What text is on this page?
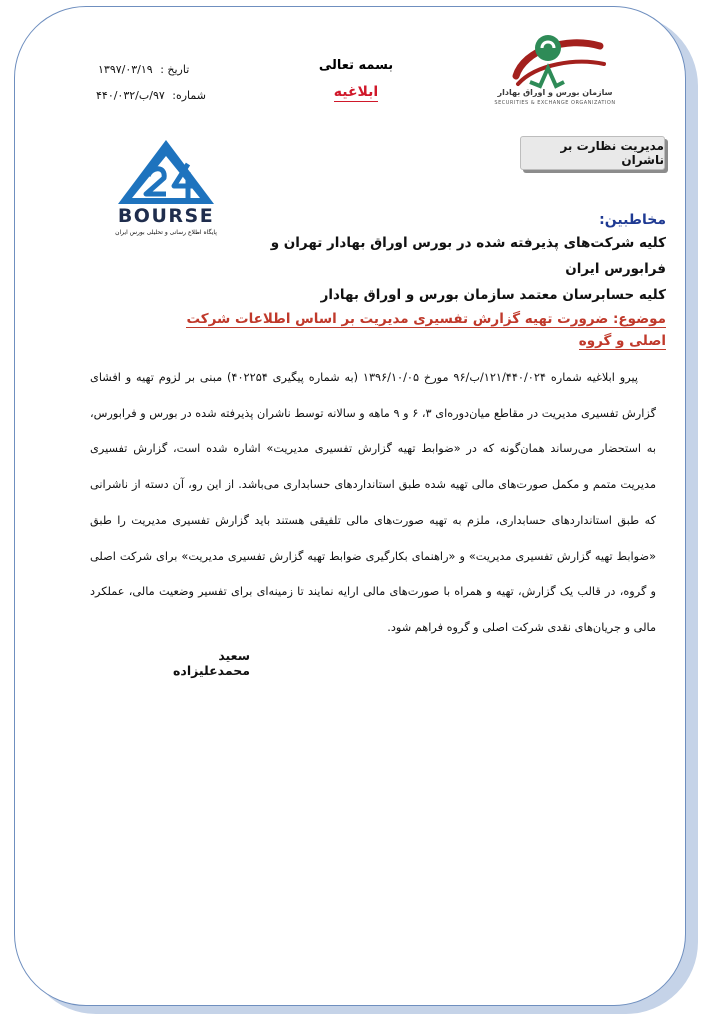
تاریخ : ۱۳۹۷/۰۳/۱۹
شماره: ۹۷/ب/۴۴۰/۰۳۲
بسمه تعالی
ابلاغیه	سازمان بورس و اوراق بهادار
SECURITIES & EXCHANGE ORGANIZATION
مدیریت نظارت بر ناشران
BOURSE
پایگاه اطلاع رسانی و تحلیلی بورس ایران
مخاطبین:
کلیه شرکت‌های پذیرفته شده در بورس اوراق بهادار تهران و فرابورس ایران
کلیه حسابرسان معتمد سازمان بورس و اوراق بهادار
موضوع: ضرورت تهیه گزارش تفسیری مدیریت بر اساس اطلاعات شرکت اصلی و گروه

پیرو ابلاغیه شماره ۱۲۱/۴۴۰/۰۲۴/ب/۹۶ مورخ ۱۳۹۶/۱۰/۰۵ (به شماره پیگیری ۴۰۲۲۵۴) مبنی بر لزوم تهیه و افشای گزارش تفسیری مدیریت در مقاطع میان‌دوره‌ای ۳، ۶ و ۹ ماهه و سالانه توسط ناشران پذیرفته شده در بورس و فرابورس، به استحضار می‌رساند همان‌گونه که در «ضوابط تهیه گزارش تفسیری مدیریت» اشاره شده است، گزارش تفسیری مدیریت متمم و مکمل صورت‌های مالی تهیه شده طبق استانداردهای حسابداری می‌باشد. از این رو، آن دسته از ناشرانی که طبق استانداردهای حسابداری، ملزم به تهیه صورت‌های مالی تلفیقی هستند باید گزارش تفسیری مدیریت را طبق «ضوابط تهیه گزارش تفسیری مدیریت» و «راهنمای بکارگیری ضوابط تهیه گزارش تفسیری مدیریت» برای شرکت اصلی و گروه، در قالب یک گزارش، تهیه و همراه با صورت‌های مالی ارایه نمایند تا زمینه‌ای برای تفسیر وضعیت مالی، عملکرد مالی و جریان‌های نقدی شرکت اصلی و گروه فراهم شود.

سعید محمدعلیزاده
